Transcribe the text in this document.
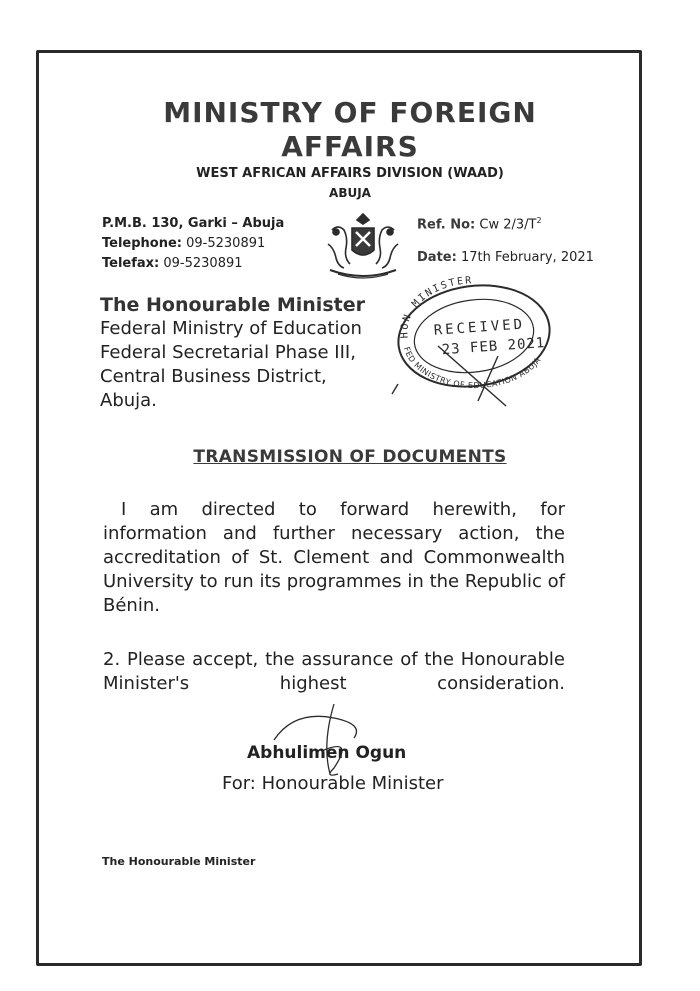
MINISTRY OF FOREIGN
AFFAIRS
WEST AFRICAN AFFAIRS DIVISION (WAAD)
ABUJA
P.M.B. 130, Garki – Abuja
Telephone: 09-5230891
Telefax: 09-5230891
Ref. No: Cw $2/3/T^2$
Date: 17th February, 2021
HON MINISTER
RECEIVED
23 FEB 2021
FED MINISTRY OF EDUCATION ABUJA
The Honourable Minister
Federal Ministry of Education
Federal Secretarial Phase III,
Central Business District,
Abuja.
TRANSMISSION OF DOCUMENTS
I am directed to forward herewith, for information and further necessary action, the accreditation of St. Clement and Commonwealth University to run its programmes in the Republic of Bénin.
2. Please accept, the assurance of the Honourable Minister's highest consideration.
Abhulimen Ogun
For: Honourable Minister
The Honourable Minister
